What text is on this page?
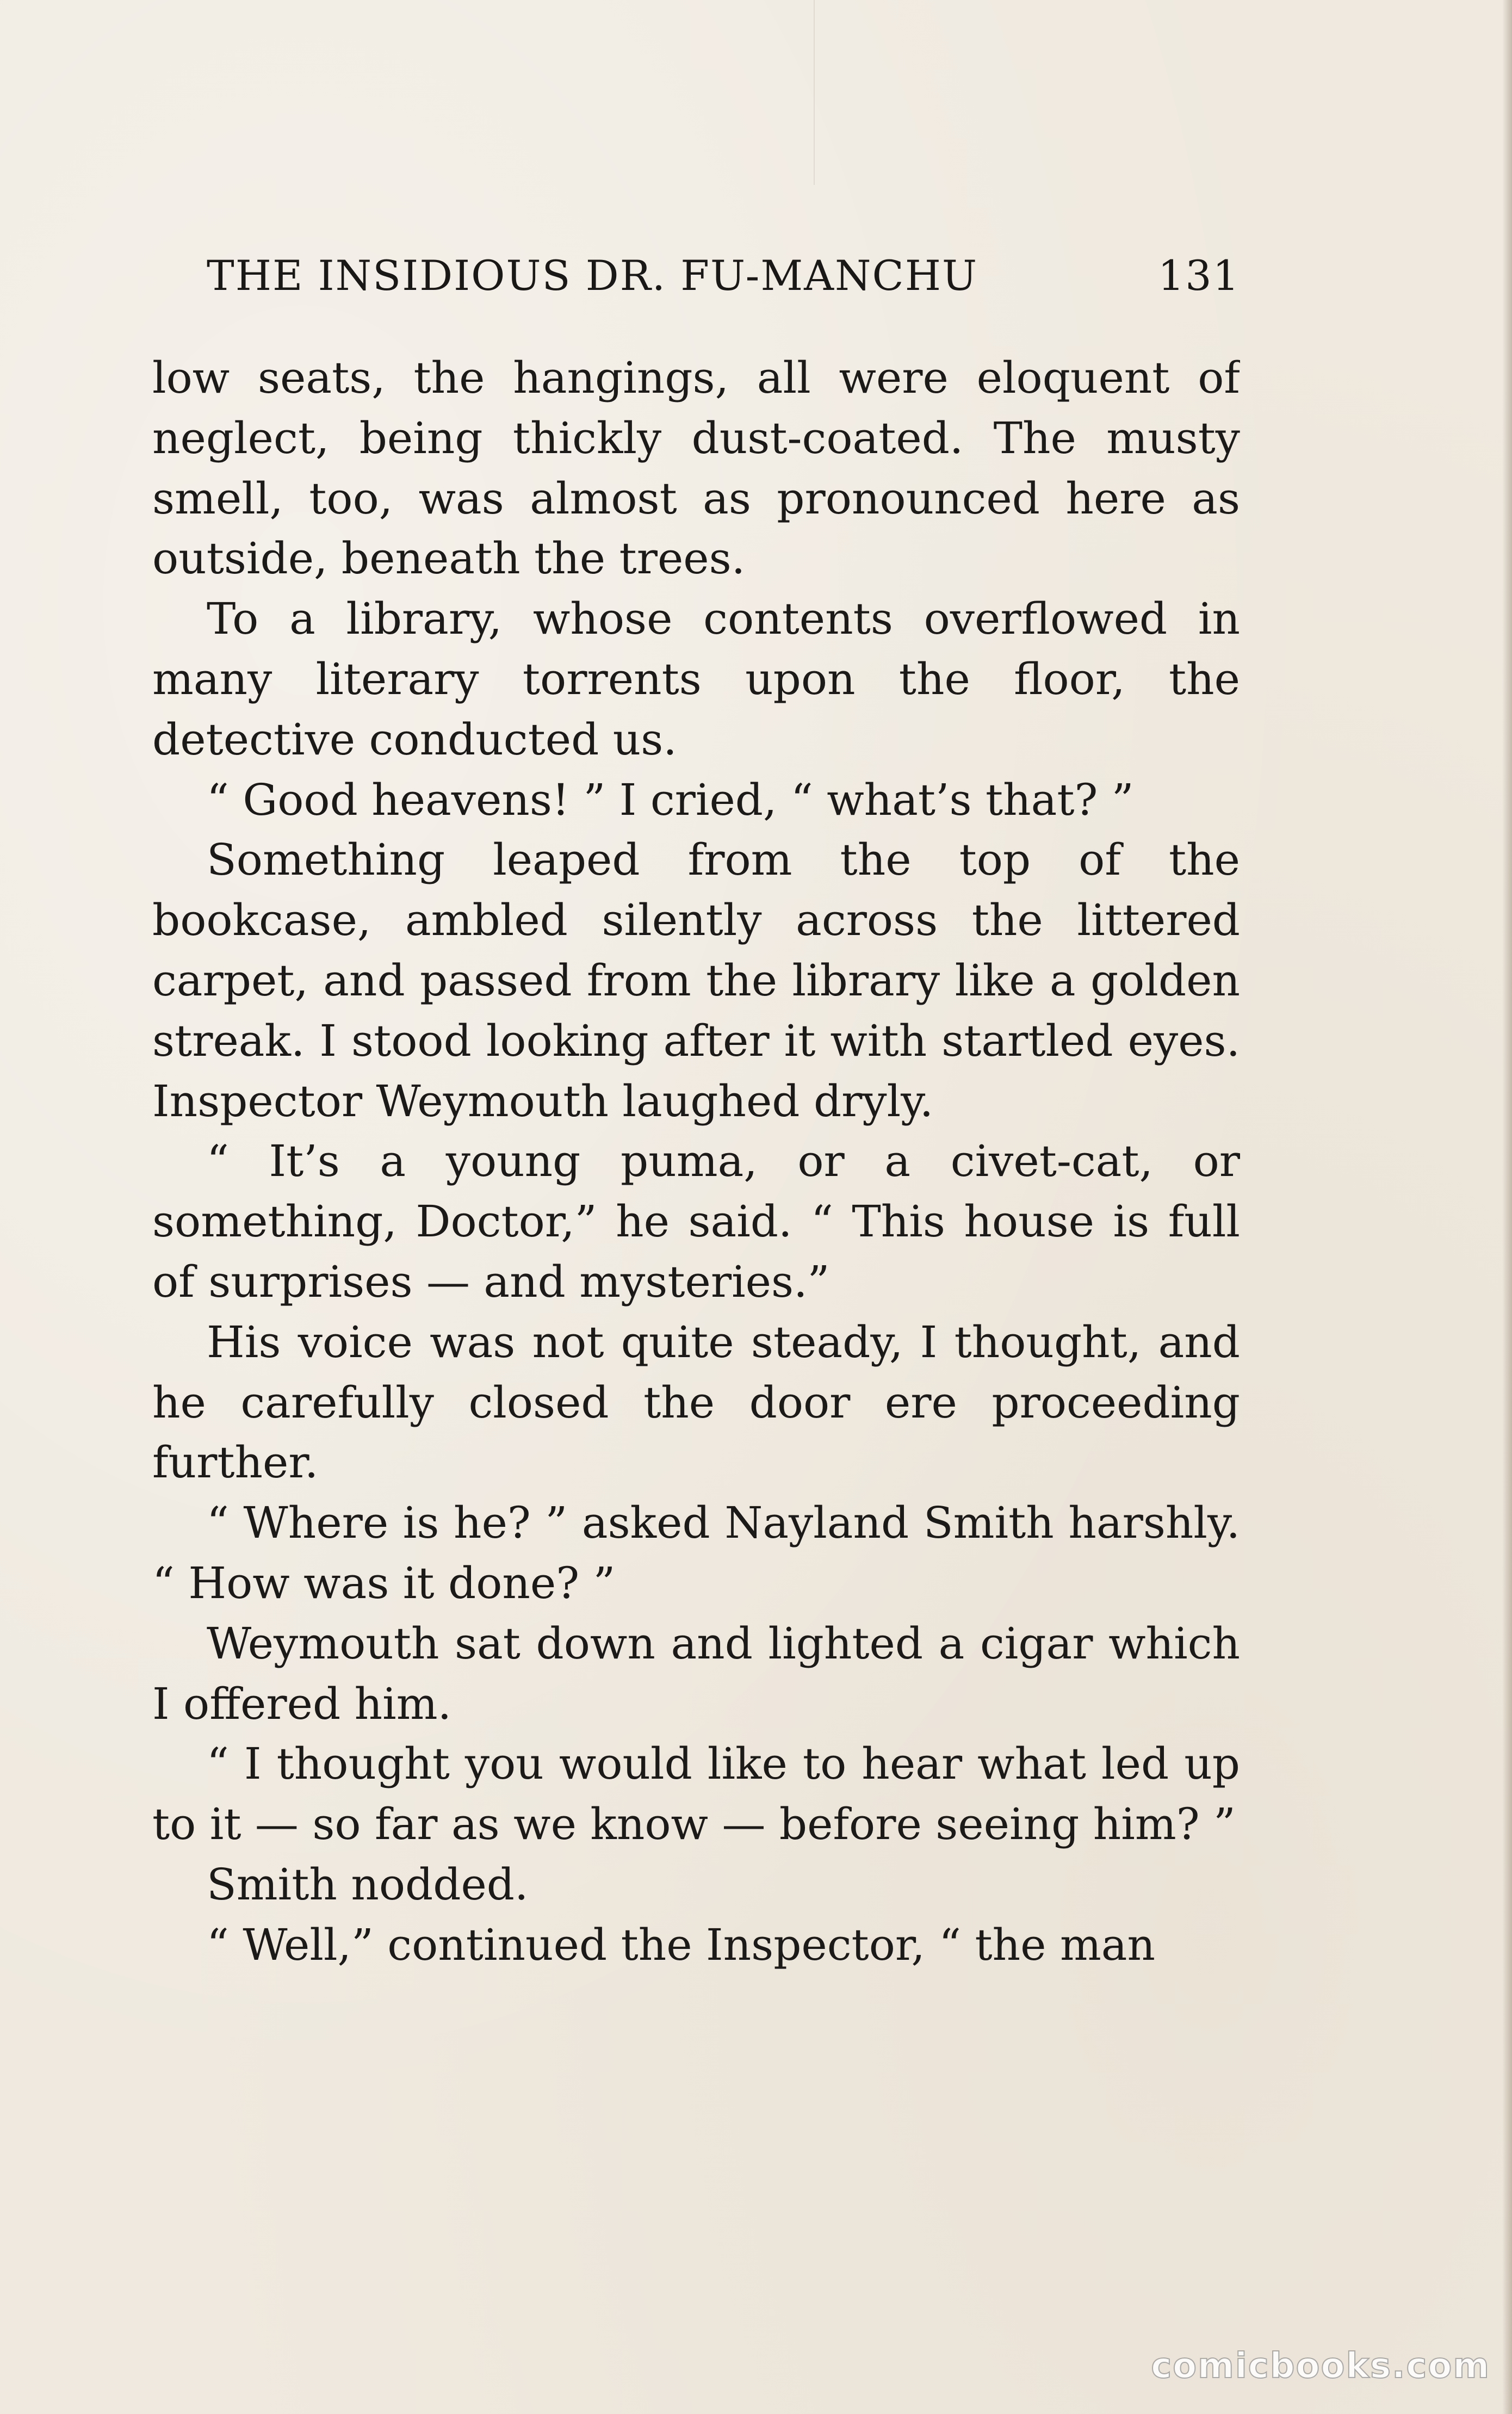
THE INSIDIOUS DR. FU-MANCHU	131

low seats, the hangings, all were eloquent of neglect, being thickly dust-coated. The musty smell, too, was almost as pronounced here as outside, beneath the trees.

To a library, whose contents overflowed in many literary torrents upon the floor, the detective conducted us.

“ Good heavens! ” I cried, “ what’s that? ”

Something leaped from the top of the bookcase, ambled silently across the littered carpet, and passed from the library like a golden streak. I stood looking after it with startled eyes. Inspector Weymouth laughed dryly.

“ It’s a young puma, or a civet-cat, or something, Doctor,” he said. “ This house is full of surprises — and mysteries.”

His voice was not quite steady, I thought, and he carefully closed the door ere proceeding further.

“ Where is he? ” asked Nayland Smith harshly. “ How was it done? ”

Weymouth sat down and lighted a cigar which I offered him.

“ I thought you would like to hear what led up to it — so far as we know — before seeing him? ”

Smith nodded.

“ Well,” continued the Inspector, “ the man

comicbooks.com
